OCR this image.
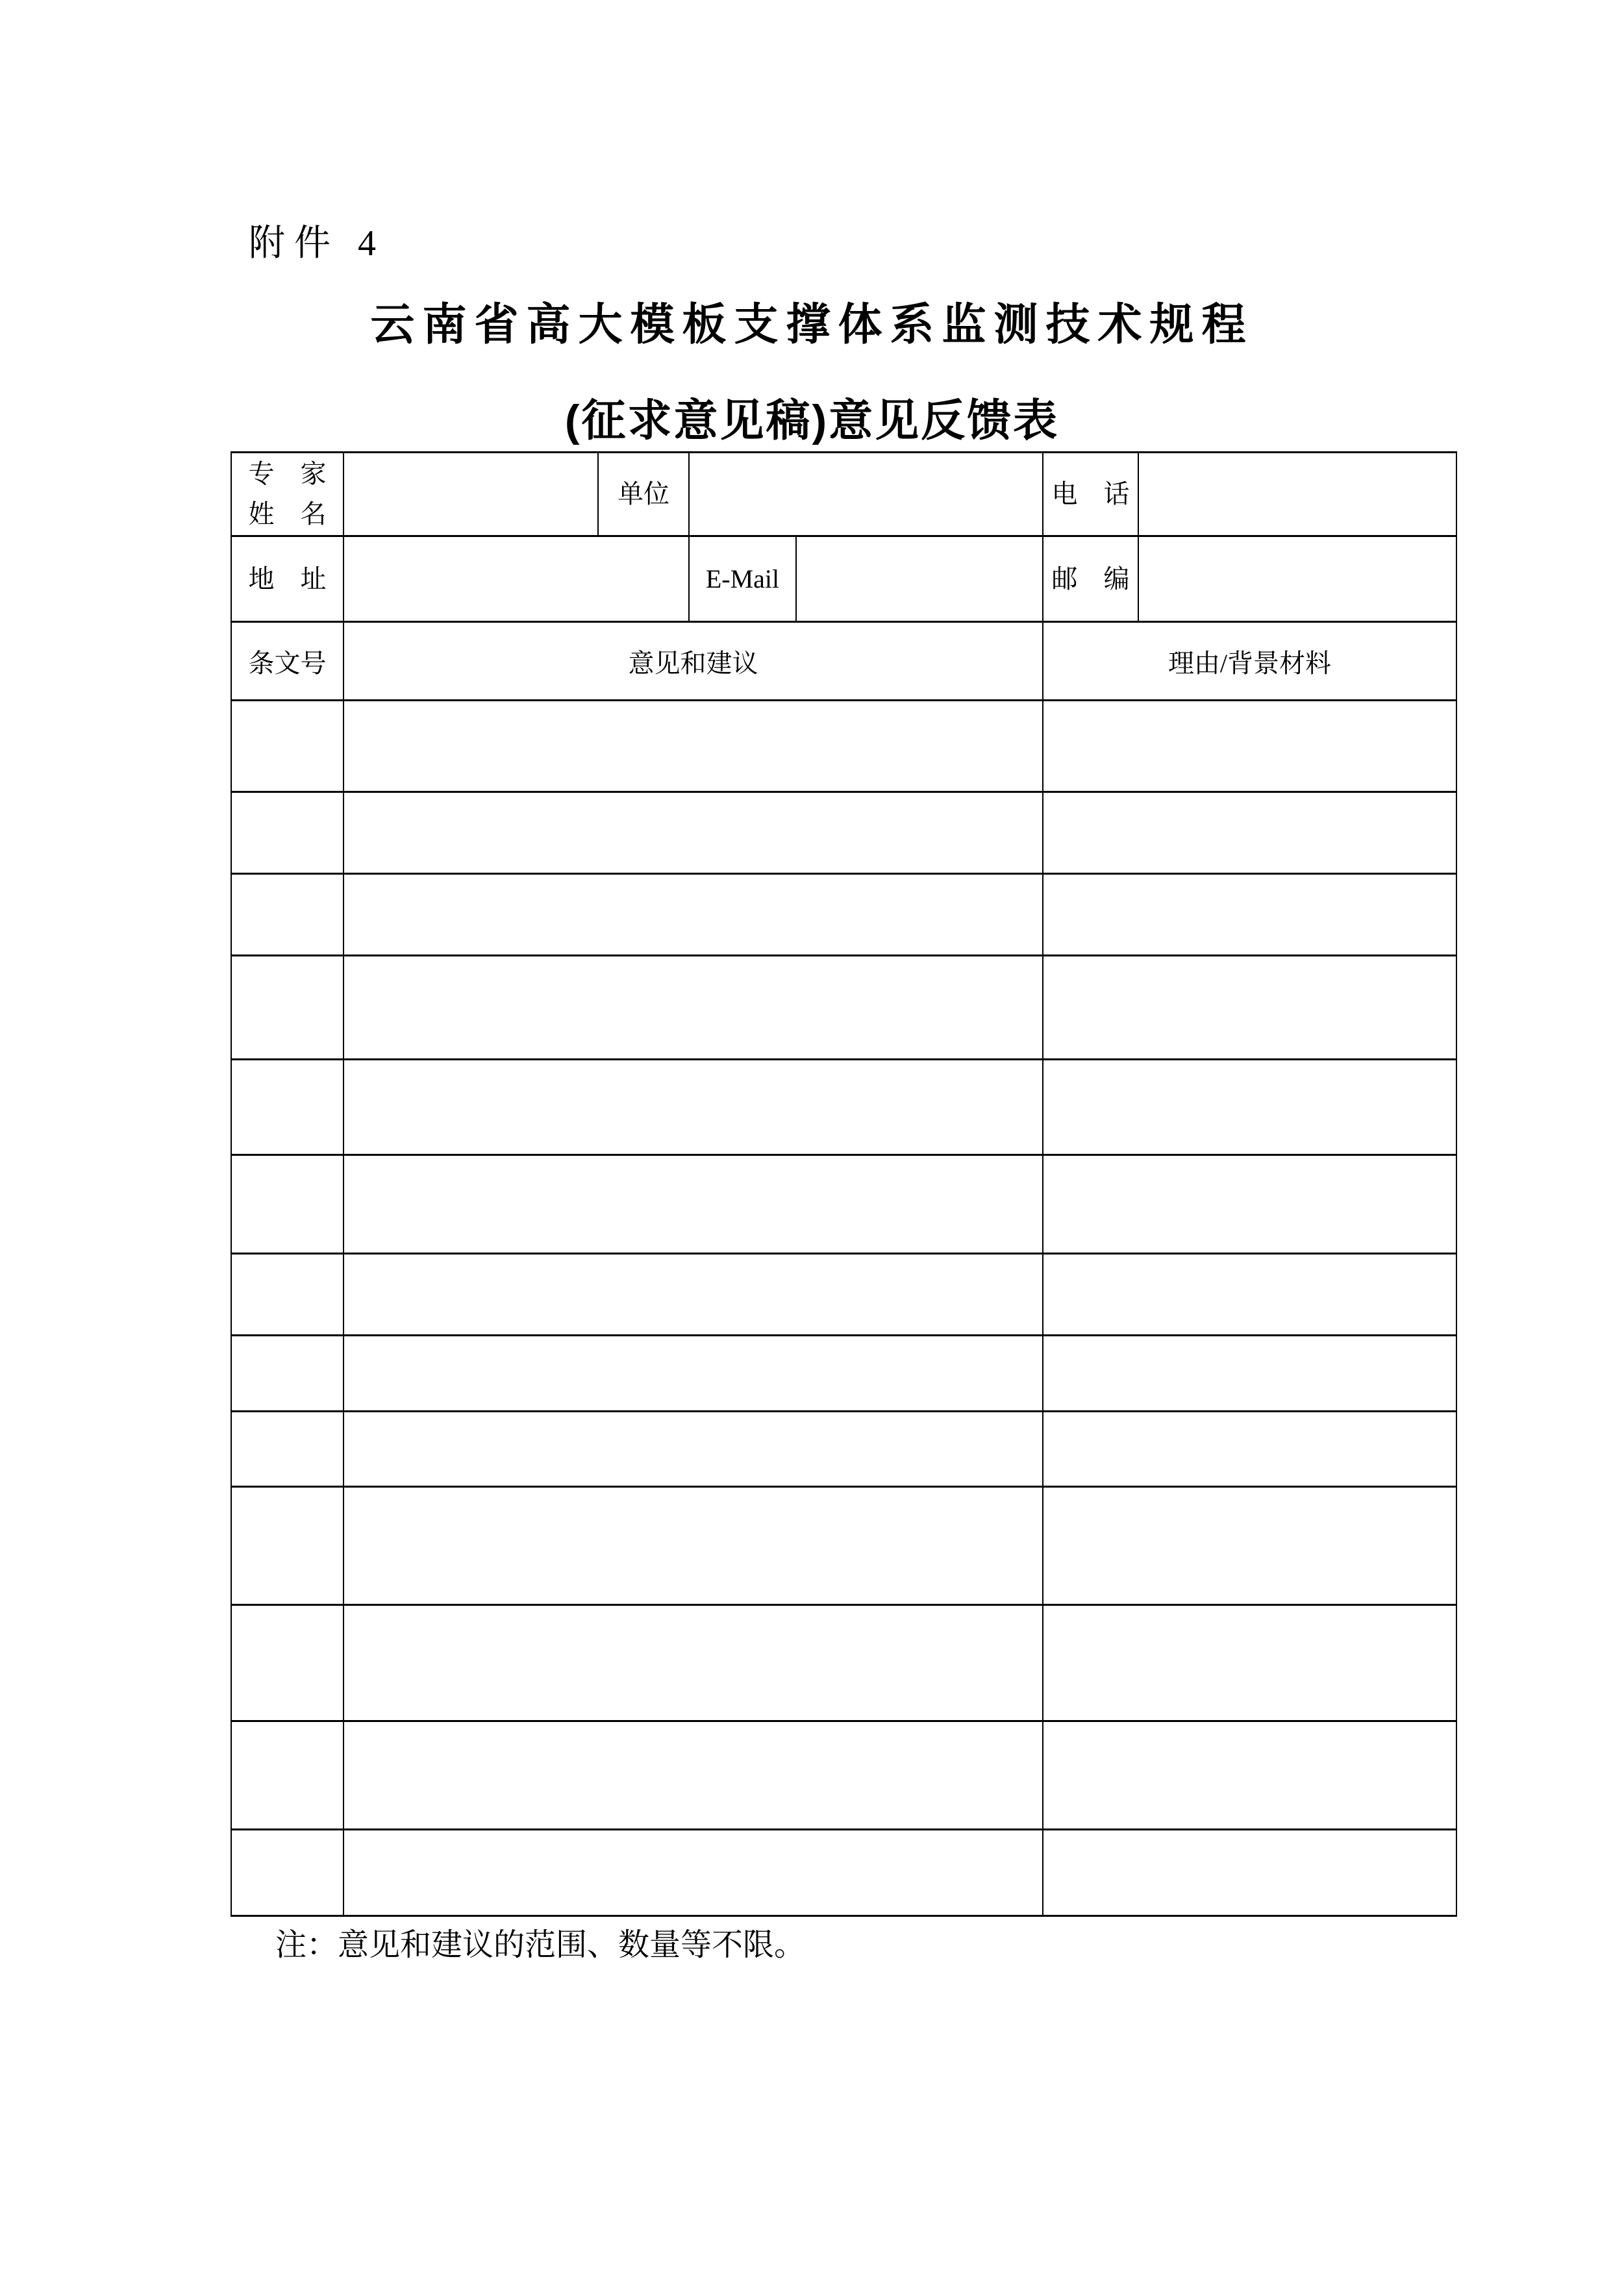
附件 4
云南省高大模板支撑体系监测技术规程
(征求意见稿)意见反馈表
专　家
姓　名		单位			电　话	
地　址			E-Mail		邮　编	
条文号	意见和建议				理由/背景材料	

注：意见和建议的范围、数量等不限。
